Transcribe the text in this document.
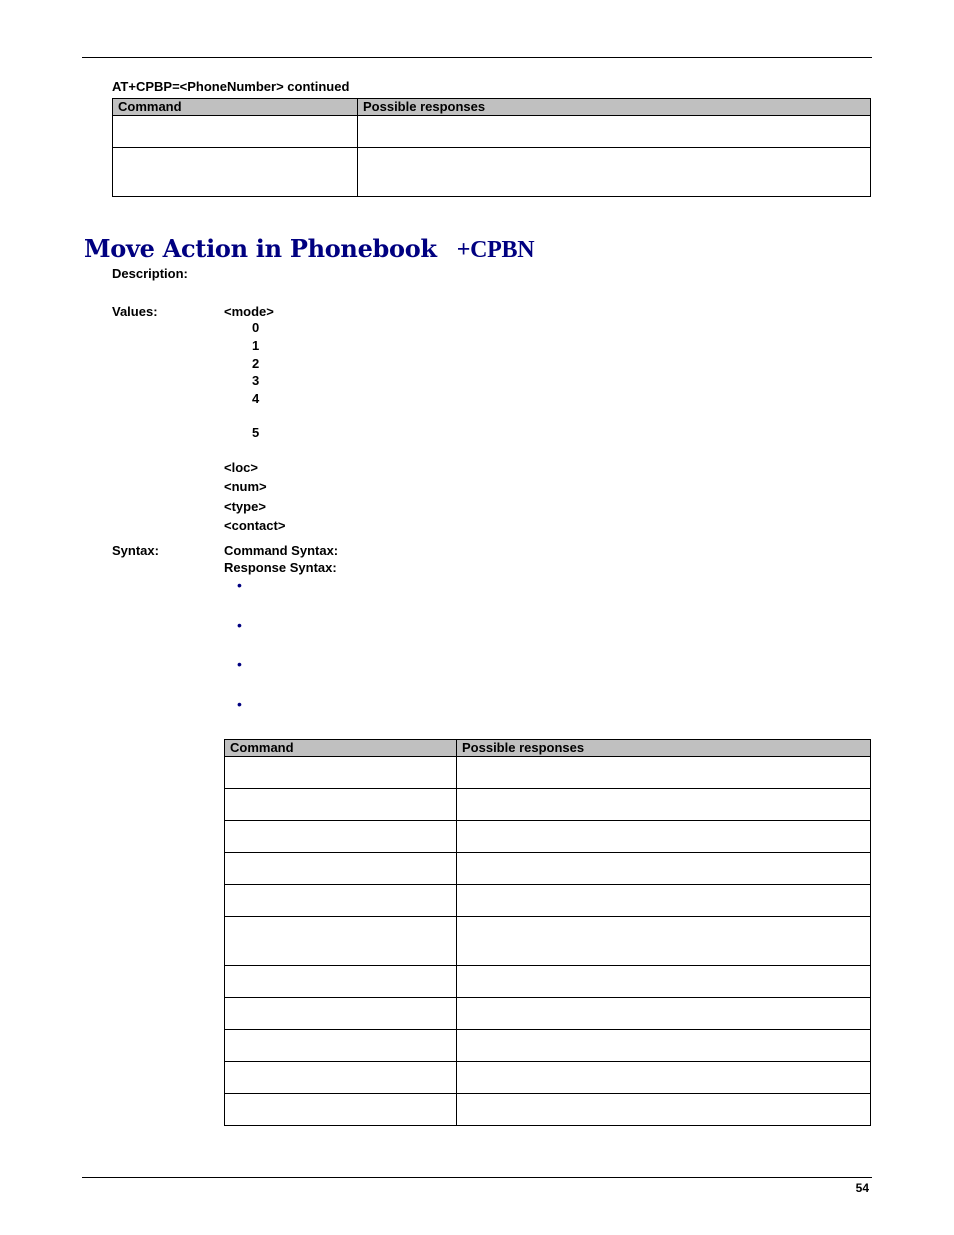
AT+CPBP=<PhoneNumber> continued
Command	Possible responses

Move Action in Phonebook +CPBN
Description:
Values:	<mode>
0
1
2
3
4
5
<loc>
<num>
<type>
<contact>
Syntax:	Command Syntax:
Response Syntax:
•
•
•
•
Command	Possible responses

54
